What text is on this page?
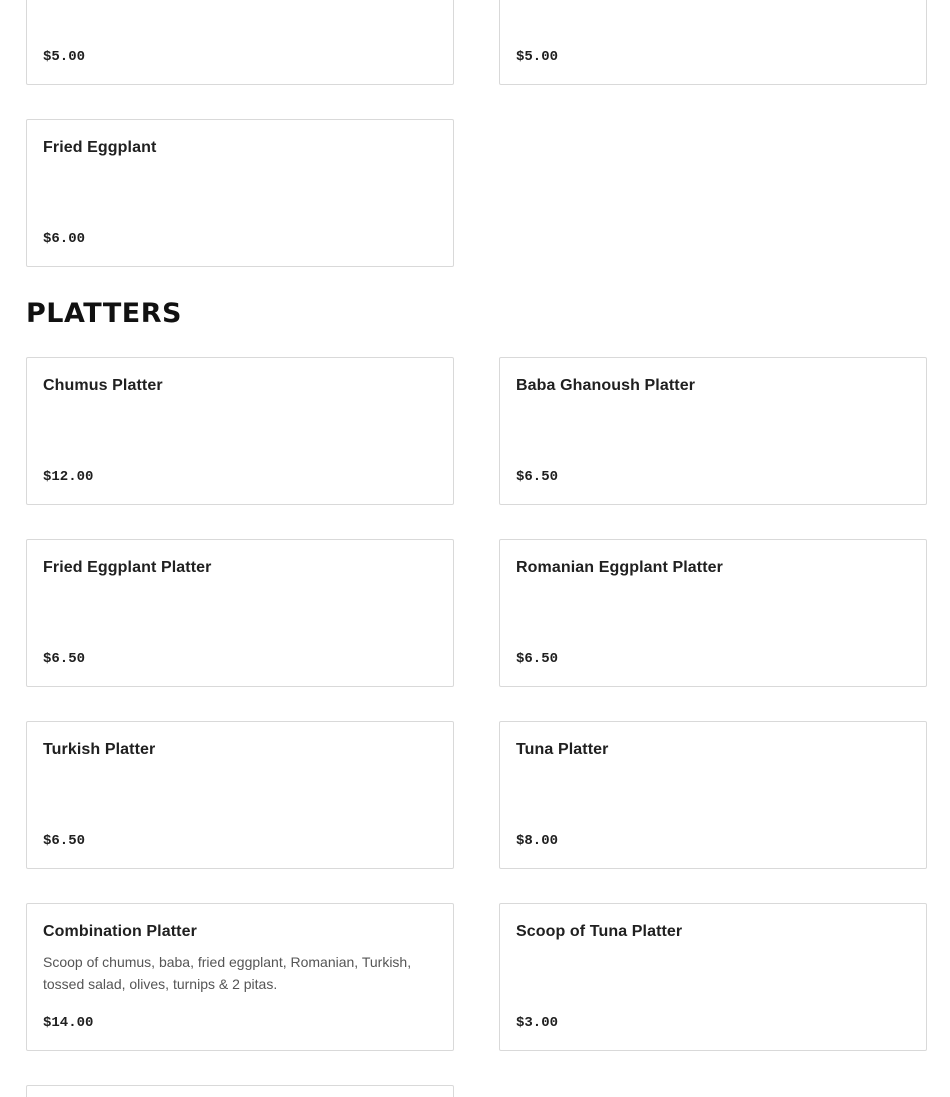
$5.00	$5.00
Fried Eggplant
$6.00
PLATTERS
Chumus Platter
$12.00
Baba Ghanoush Platter
$6.50
Fried Eggplant Platter
$6.50
Romanian Eggplant Platter
$6.50
Turkish Platter
$6.50
Tuna Platter
$8.00
Combination Platter
Scoop of chumus, baba, fried eggplant, Romanian, Turkish, tossed salad, olives, turnips & 2 pitas.
$14.00
Scoop of Tuna Platter
$3.00
